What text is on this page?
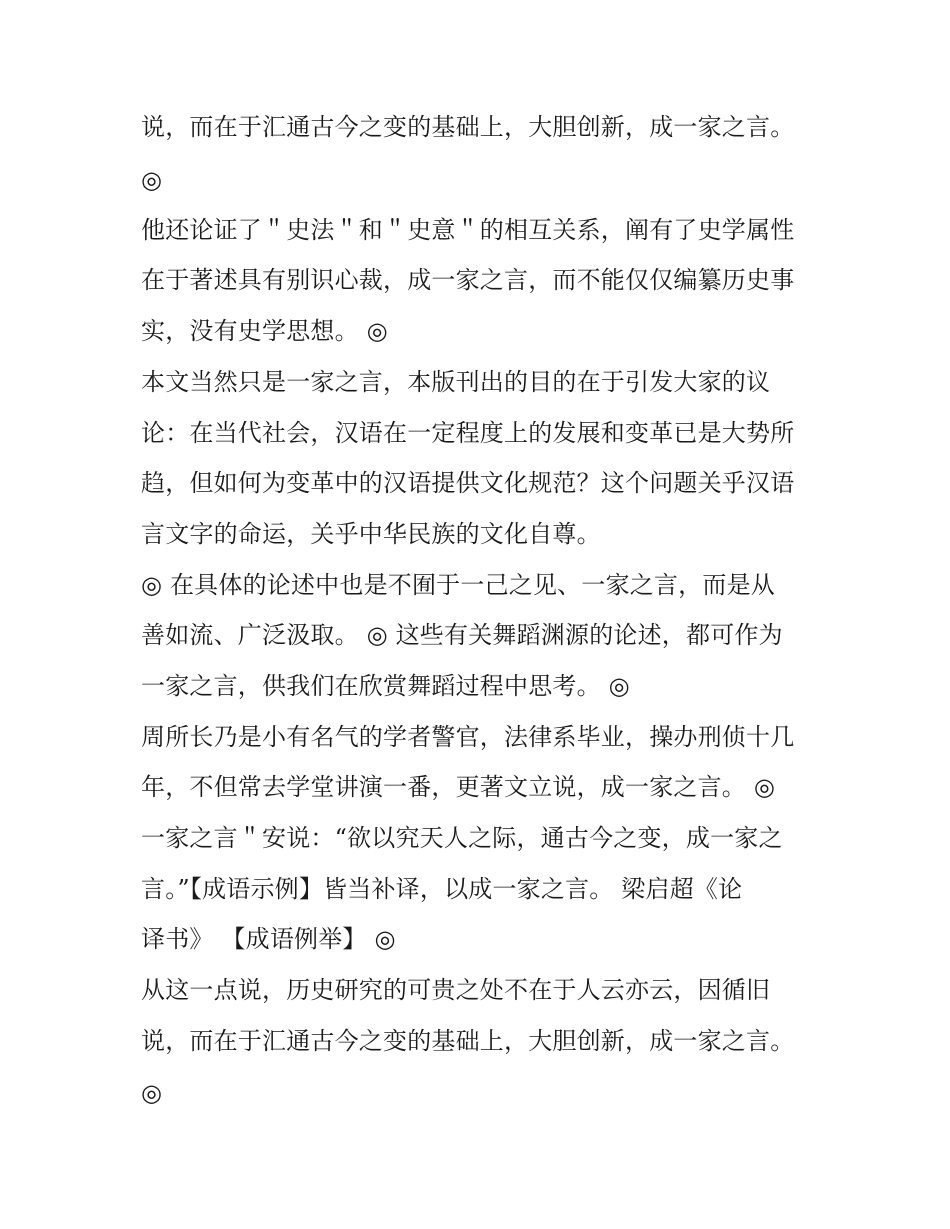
说，而在于汇通古今之变的基础上，大胆创新，成一家之言。
◎
他还论证了＂史法＂和＂史意＂的相互关系，阐有了史学属性
在于著述具有别识心裁，成一家之言，而不能仅仅编纂历史事
实，没有史学思想。 ◎
本文当然只是一家之言，本版刊出的目的在于引发大家的议
论：在当代社会，汉语在一定程度上的发展和变革已是大势所
趋，但如何为变革中的汉语提供文化规范？这个问题关乎汉语
言文字的命运，关乎中华民族的文化自尊。
◎ 在具体的论述中也是不囿于一己之见、一家之言，而是从
善如流、广泛汲取。 ◎ 这些有关舞蹈渊源的论述，都可作为
一家之言，供我们在欣赏舞蹈过程中思考。 ◎
周所长乃是小有名气的学者警官，法律系毕业，操办刑侦十几
年，不但常去学堂讲演一番，更著文立说，成一家之言。 ◎
一家之言＂安说：“欲以究天人之际，通古今之变，成一家之
言。”【成语示例】皆当补译，以成一家之言。 梁启超《论
译书》 【成语例举】 ◎
从这一点说，历史研究的可贵之处不在于人云亦云，因循旧
说，而在于汇通古今之变的基础上，大胆创新，成一家之言。
◎
